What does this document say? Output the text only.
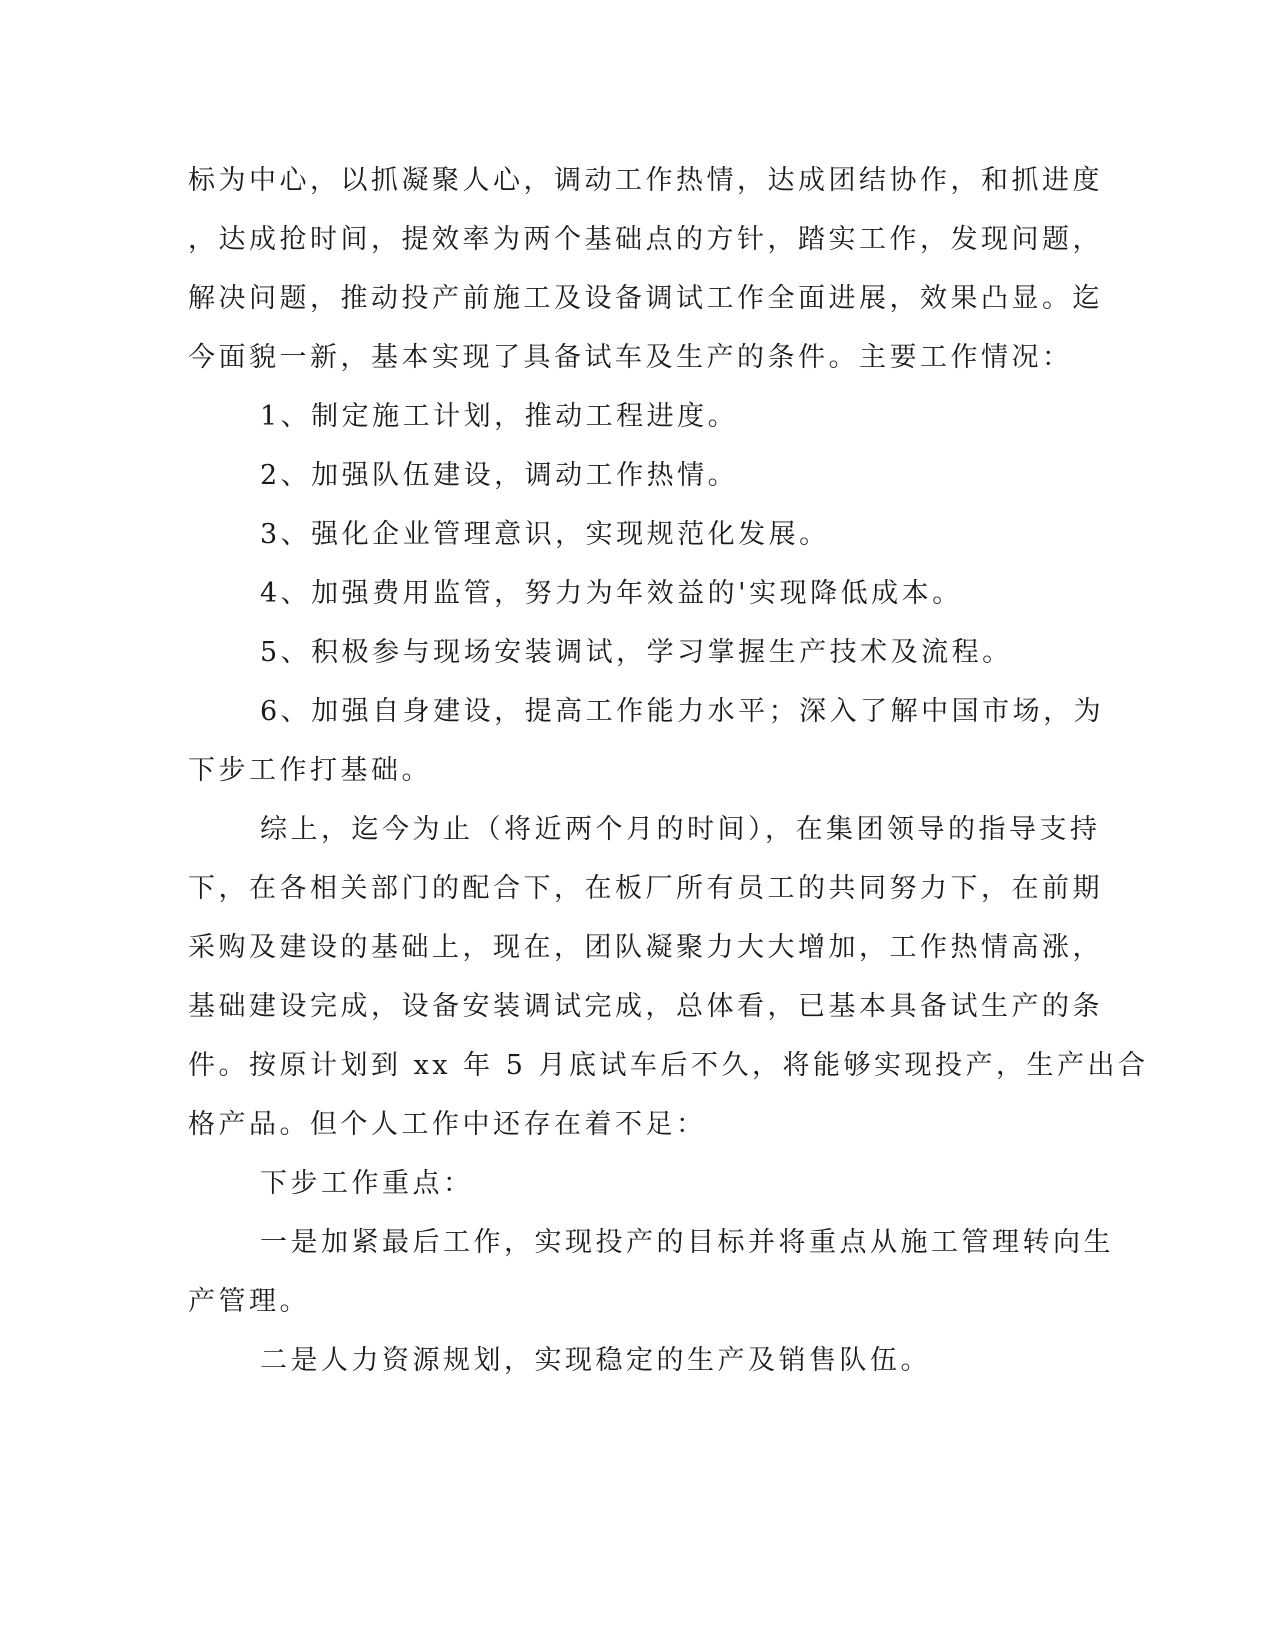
标为中心，以抓凝聚人心，调动工作热情，达成团结协作，和抓进度
，达成抢时间，提效率为两个基础点的方针，踏实工作，发现问题，
解决问题，推动投产前施工及设备调试工作全面进展，效果凸显。迄
今面貌一新，基本实现了具备试车及生产的条件。主要工作情况：
1、制定施工计划，推动工程进度。
2、加强队伍建设，调动工作热情。
3、强化企业管理意识，实现规范化发展。
4、加强费用监管，努力为年效益的'实现降低成本。
5、积极参与现场安装调试，学习掌握生产技术及流程。
6、加强自身建设，提高工作能力水平；深入了解中国市场，为
下步工作打基础。
综上，迄今为止（将近两个月的时间），在集团领导的指导支持
下，在各相关部门的配合下，在板厂所有员工的共同努力下，在前期
采购及建设的基础上，现在，团队凝聚力大大增加，工作热情高涨，
基础建设完成，设备安装调试完成，总体看，已基本具备试生产的条
件。按原计划到 xx 年 5 月底试车后不久，将能够实现投产，生产出合
格产品。但个人工作中还存在着不足：
下步工作重点：
一是加紧最后工作，实现投产的目标并将重点从施工管理转向生
产管理。
二是人力资源规划，实现稳定的生产及销售队伍。
